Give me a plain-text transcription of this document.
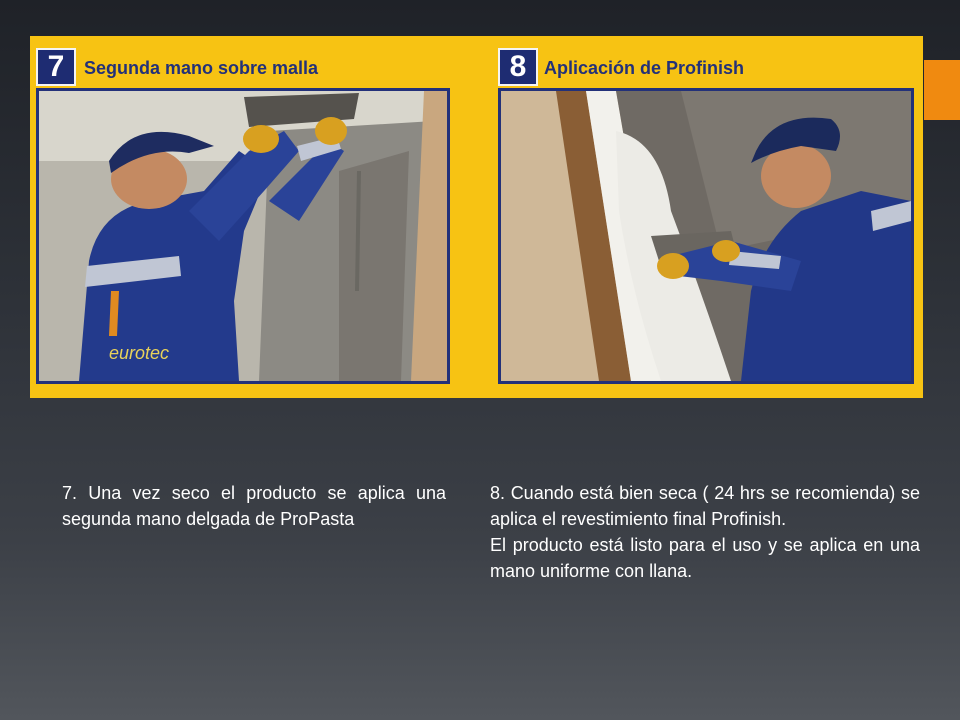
7	Segunda mano sobre malla
eurotec
8 Aplicación de Profinish

7. Una vez seco el producto se aplica una segunda mano delgada de ProPasta

8. Cuando está bien seca ( 24 hrs se recomienda) se aplica el revestimiento final Profinish.

El producto está listo para el uso y se aplica en una mano uniforme con llana.
